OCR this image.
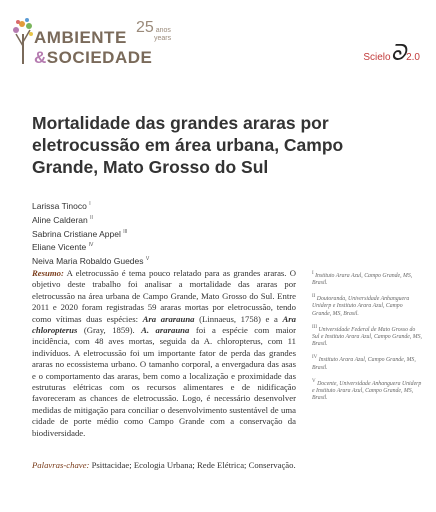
AMBIENTE
&SOCIEDADE
25 anos
years
Scieloᘐ2.0
Mortalidade das grandes araras por eletrocussão em área urbana, Campo Grande, Mato Grosso do Sul
Larissa Tinoco $^I$
Aline Calderan $^{II}$
Sabrina Cristiane Appel $^{III}$
Eliane Vicente $^{IV}$
Neiva Maria Robaldo Guedes $^V$

Resumo: A eletrocussão é tema pouco relatado para as grandes araras. O objetivo deste trabalho foi analisar a mortalidade das araras por eletrocussão na área urbana de Campo Grande, Mato Grosso do Sul. Entre 2011 e 2020 foram registradas 59 araras mortas por eletrocussão, tendo como vítimas duas espécies: Ara ararauna (Linnaeus, 1758) e a Ara chloropterus (Gray, 1859). A. ararauna foi a espécie com maior incidência, com 48 aves mortas, seguida da A. chloropterus, com 11 indivíduos. A eletrocussão foi um importante fator de perda das grandes araras no ecossistema urbano. O tamanho corporal, a envergadura das asas e o comportamento das araras, bem como a localização e proximidade das estruturas elétricas com os recursos alimentares e de nidificação favoreceram as chances de eletrocussão. Logo, é necessário desenvolver medidas de mitigação para conciliar o desenvolvimento sustentável de uma cidade de porte médio como Campo Grande com a conservação da biodiversidade.

Palavras-chave: Psittacidae; Ecologia Urbana; Rede Elétrica; Conservação.

$^I$ Instituto Arara Azul, Campo Grande, MS, Brasil.
$^{II}$ Doutoranda, Universidade Anhanguera Uniderp e Instituto Arara Azul, Campo Grande, MS, Brasil.
$^{III}$ Universidade Federal de Mato Grosso do Sul e Instituto Arara Azul, Campo Grande, MS, Brasil.
$^{IV}$ Instituto Arara Azul, Campo Grande, MS, Brasil.
$^V$ Docente, Universidade Anhanguera Uniderp e Instituto Arara Azul, Campo Grande, MS, Brasil.
